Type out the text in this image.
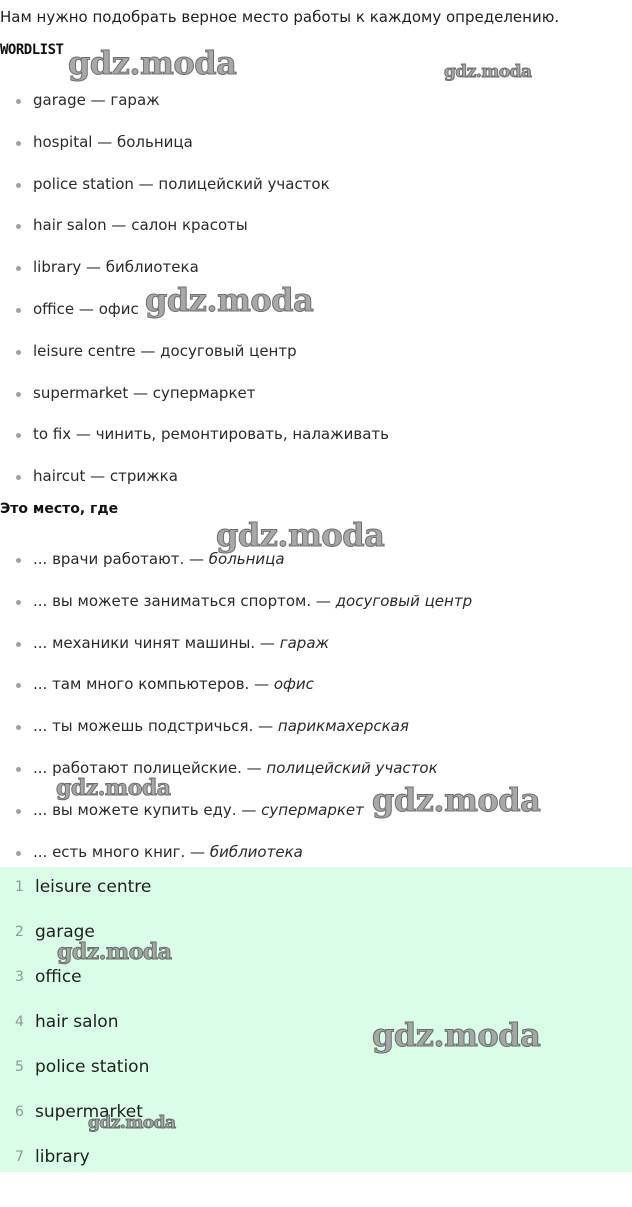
Нам нужно подобрать верное место работы к каждому определению.
WORDLIST
garage — гараж
hospital — больница
police station — полицейский участок
hair salon — салон красоты
library — библиотека
office — офис
leisure centre — досуговый центр
supermarket — супермаркет
to fix — чинить, ремонтировать, налаживать
haircut — стрижка
Это место, где
... врачи работают. — больница
... вы можете заниматься спортом. — досуговый центр
... механики чинят машины. — гараж
... там много компьютеров. — офис
... ты можешь подстричься. — парикмахерская
... работают полицейские. — полицейский участок
... вы можете купить еду. — супермаркет
... есть много книг. — библиотека
1 leisure centre
2 garage
3 office
4 hair salon
5 police station
6 supermarket
7 library
gdz.moda	gdz.moda
gdz.moda
gdz.moda
gdz.moda	gdz.moda
gdz.moda
gdz.moda
gdz.moda
